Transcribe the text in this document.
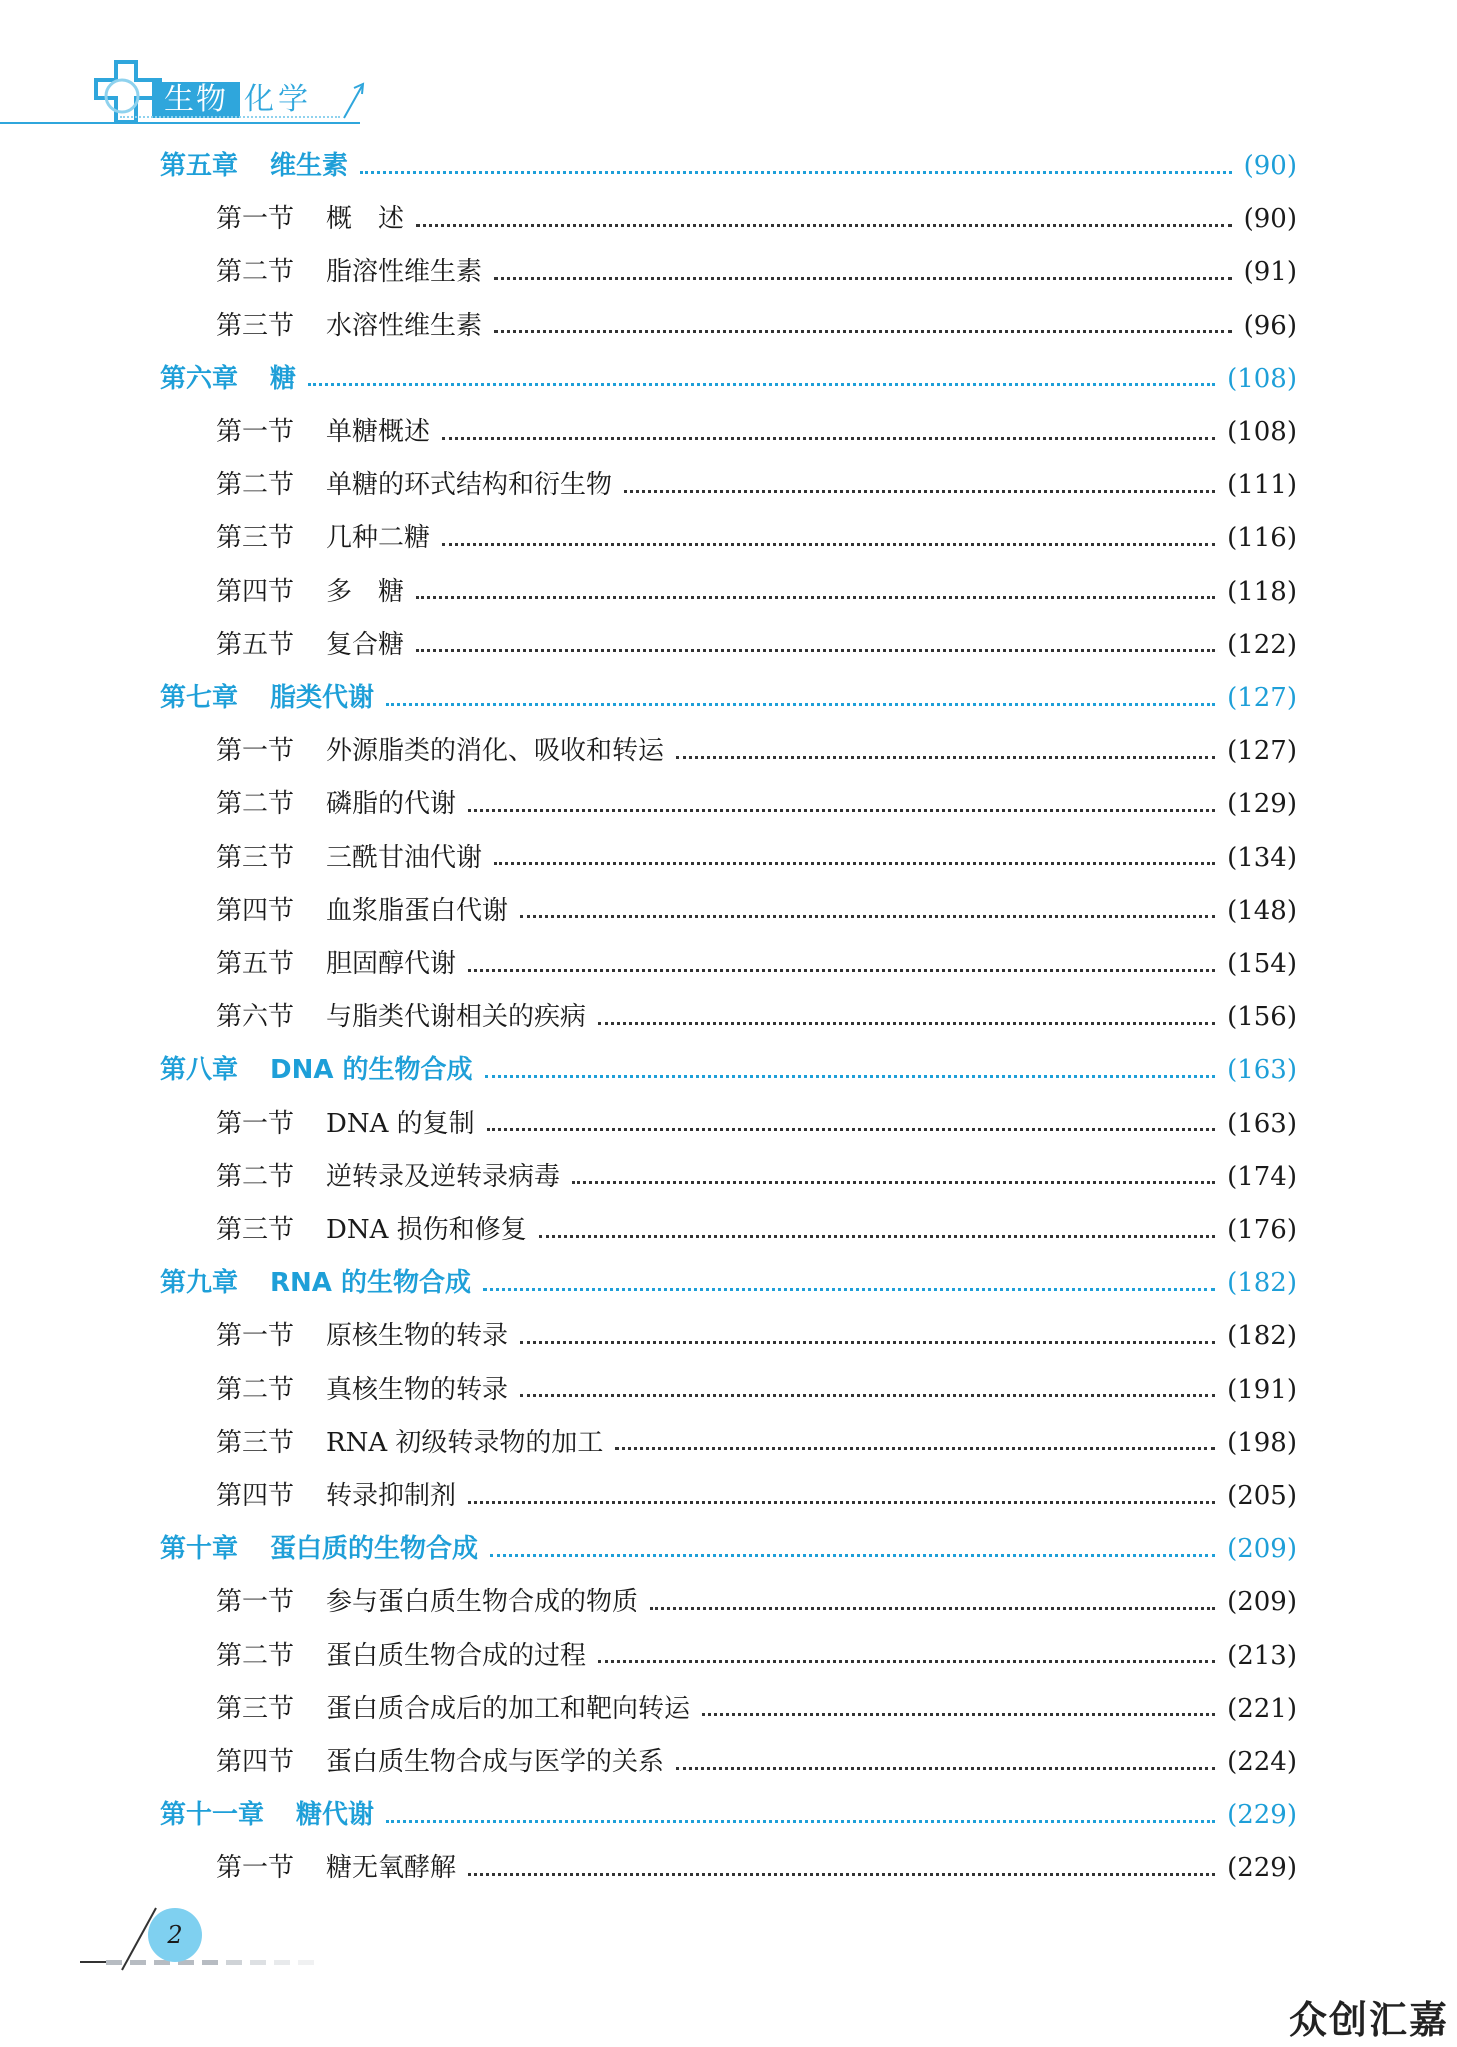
生物 化学
第五章 维生素	(90)
第一节 概　述	(90)
第二节 脂溶性维生素	(91)
第三节 水溶性维生素	(96)
第六章 糖	(108)
第一节 单糖概述	(108)
第二节 单糖的环式结构和衍生物	(111)
第三节 几种二糖	(116)
第四节 多　糖	(118)
第五节 复合糖	(122)
第七章 脂类代谢	(127)
第一节 外源脂类的消化、吸收和转运	(127)
第二节 磷脂的代谢	(129)
第三节 三酰甘油代谢	(134)
第四节 血浆脂蛋白代谢	(148)
第五节 胆固醇代谢	(154)
第六节 与脂类代谢相关的疾病	(156)
第八章 DNA 的生物合成	(163)
第一节 DNA 的复制	(163)
第二节 逆转录及逆转录病毒	(174)
第三节 DNA 损伤和修复	(176)
第九章 RNA 的生物合成	(182)
第一节 原核生物的转录	(182)
第二节 真核生物的转录	(191)
第三节 RNA 初级转录物的加工	(198)
第四节 转录抑制剂	(205)
第十章 蛋白质的生物合成	(209)
第一节 参与蛋白质生物合成的物质	(209)
第二节 蛋白质生物合成的过程	(213)
第三节 蛋白质合成后的加工和靶向转运	(221)
第四节 蛋白质生物合成与医学的关系	(224)
第十一章 糖代谢	(229)
第一节 糖无氧酵解	(229)
2
众创汇嘉
